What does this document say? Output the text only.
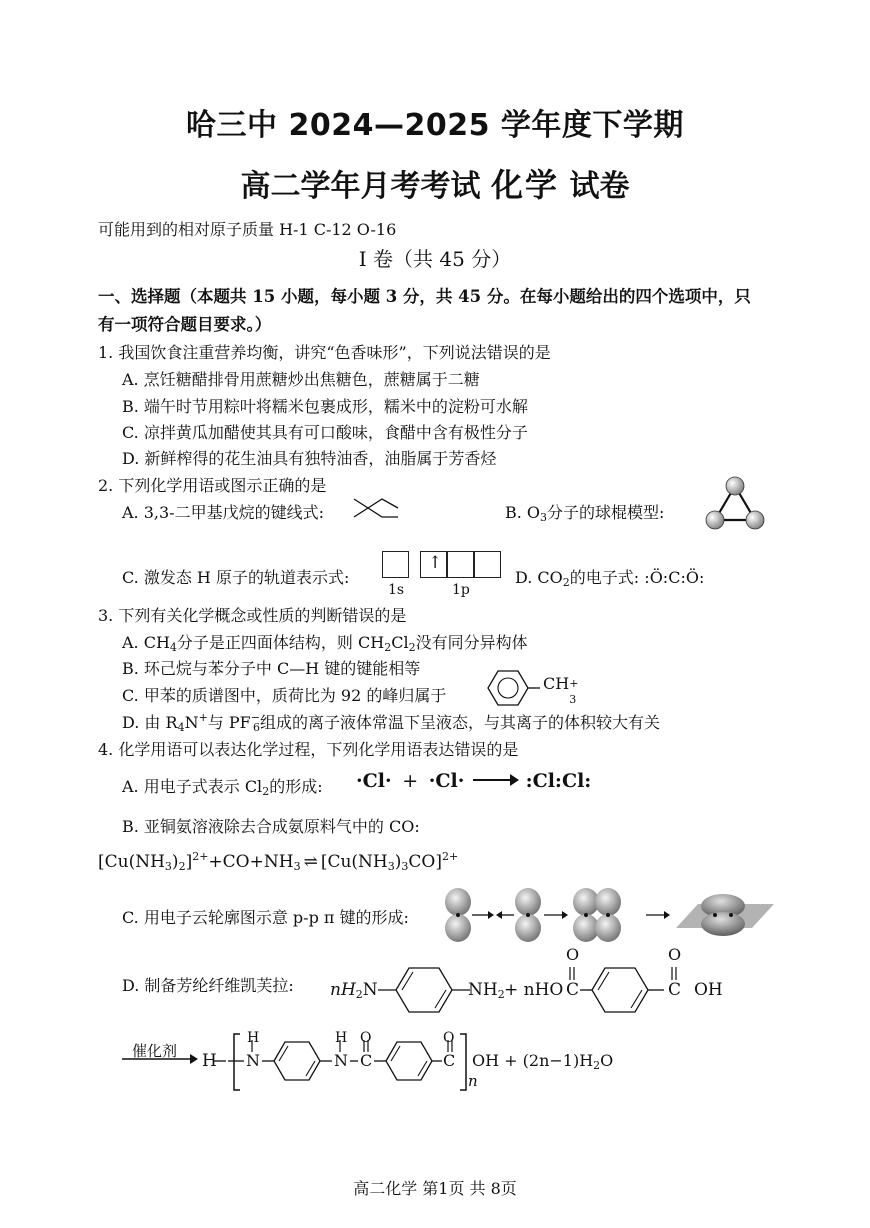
哈三中 2024—2025 学年度下学期
高二学年月考考试 化学 试卷
可能用到的相对原子质量 H-1 C-12 O-16
I 卷（共 45 分）
一、选择题（本题共 15 小题，每小题 3 分，共 45 分。在每小题给出的四个选项中，只
有一项符合题目要求。）
1. 我国饮食注重营养均衡，讲究“色香味形”，下列说法错误的是
A. 烹饪糖醋排骨用蔗糖炒出焦糖色，蔗糖属于二糖
B. 端午时节用粽叶将糯米包裹成形，糯米中的淀粉可水解
C. 凉拌黄瓜加醋使其具有可口酸味，食醋中含有极性分子
D. 新鲜榨得的花生油具有独特油香，油脂属于芳香烃
2. 下列化学用语或图示正确的是
A. 3,3-二甲基戊烷的键线式:	B. $O_3$分子的球棍模型:
C. 激发态 H 原子的轨道表示式:
↑
1s	1p
D. $CO_2$的电子式: :Ö:C:Ö:
3. 下列有关化学概念或性质的判断错误的是
A. $CH_4$分子是正四面体结构，则 $CH_2Cl_2$没有同分异构体
B. 环己烷与苯分子中 C—H 键的键能相等
C. 甲苯的质谱图中，质荷比为 92 的峰归属于
CH +
3
D. 由 $R_4N^+$与 $PF^-_6$组成的离子液体常温下呈液态，与其离子的体积较大有关
4. 化学用语可以表达化学过程，下列化学用语表达错误的是
A. 用电子式表示 $Cl_2$的形成: ·Cl· + ·Cl·	:Cl:Cl:
B. 亚铜氨溶液除去合成氨原料气中的 CO:
$[Cu(NH_3)_2]^{2+}+CO+NH_3$ ⇌ $[Cu(NH_3)_3CO]^{2+}$
C. 用电子云轮廓图示意 p-p π 键的形成:
D. 制备芳纶纤维凯芙拉: $nH_2N$	$NH_2$ + nHO
O
C
O
C OH
催化剂 H
H
N
H
N
O
C
O
C
n
OH + $(2n-1)H_2O$
高二化学 第1页 共 8页
